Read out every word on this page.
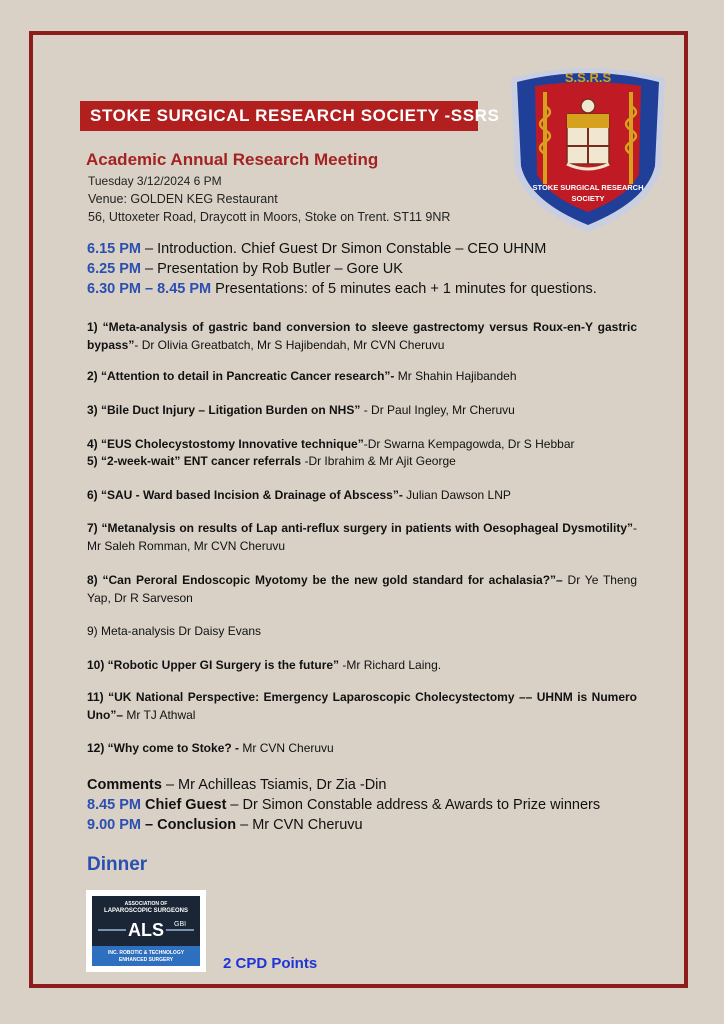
STOKE SURGICAL RESEARCH SOCIETY -SSRS
S.S.R.S
STOKE SURGICAL RESEARCH
SOCIETY
Academic Annual Research Meeting
Tuesday 3/12/2024 6 PM
Venue: GOLDEN KEG Restaurant
56, Uttoxeter Road, Draycott in Moors, Stoke on Trent. ST11 9NR
6.15 PM – Introduction. Chief Guest Dr Simon Constable – CEO UHNM
6.25 PM – Presentation by Rob Butler – Gore UK
6.30 PM – 8.45 PM Presentations: of 5 minutes each + 1 minutes for questions.
1) “Meta-analysis of gastric band conversion to sleeve gastrectomy versus Roux-en-Y gastric bypass”- Dr Olivia Greatbatch, Mr S Hajibendah, Mr CVN Cheruvu
2) “Attention to detail in Pancreatic Cancer research”- Mr Shahin Hajibandeh
3) “Bile Duct Injury – Litigation Burden on NHS” - Dr Paul Ingley, Mr Cheruvu
4) “EUS Cholecystostomy Innovative technique”-Dr Swarna Kempagowda, Dr S Hebbar
5) “2-week-wait” ENT cancer referrals -Dr Ibrahim & Mr Ajit George
6) “SAU - Ward based Incision & Drainage of Abscess”- Julian Dawson LNP
7) “Metanalysis on results of Lap anti-reflux surgery in patients with Oesophageal Dysmotility”- Mr Saleh Romman, Mr CVN Cheruvu
8) “Can Peroral Endoscopic Myotomy be the new gold standard for achalasia?”– Dr Ye Theng Yap, Dr R Sarveson
9) Meta-analysis Dr Daisy Evans
10) “Robotic Upper GI Surgery is the future” -Mr Richard Laing.
11) “UK National Perspective: Emergency Laparoscopic Cholecystectomy –– UHNM is Numero Uno”– Mr TJ Athwal
12) “Why come to Stoke? - Mr CVN Cheruvu
Comments – Mr Achilleas Tsiamis, Dr Zia -Din
8.45 PM Chief Guest – Dr Simon Constable address & Awards to Prize winners
9.00 PM – Conclusion – Mr CVN Cheruvu
Dinner
ASSOCIATION OF
LAPAROSCOPIC SURGEONS
ALS GBI
INC. ROBOTIC & TECHNOLOGY
ENHANCED SURGERY	2 CPD Points
